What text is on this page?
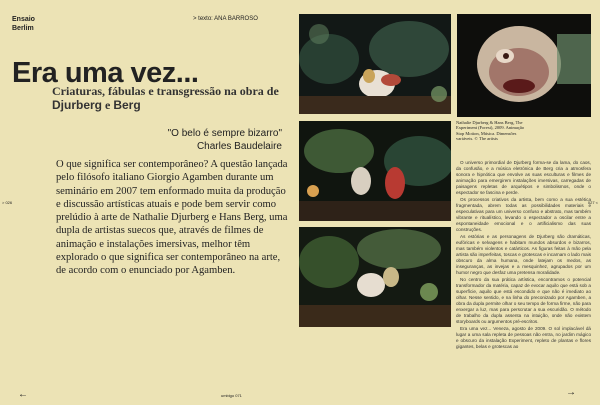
Ensaio
Berlim
> texto: ANA BARROSO
Era uma vez...
Criaturas, fábulas e transgressão na obra de Djurberg e Berg
"O belo é sempre bizarro"
Charles Baudelaire
O que significa ser contemporâneo? A questão lançada pelo filósofo italiano Giorgio Agamben durante um seminário em 2007 tem enformado muita da produção e discussão artísticas atuais e pode bem servir como prelúdio à arte de Nathalie Djurberg e Hans Berg, uma dupla de artistas suecos que, através de filmes de animação e instalações imersivas, melhor têm explorado o que significa ser contemporâneo na arte, de acordo com o enunciado por Agamben.
> 026	027 <
umbigo 071
←	→
Nathalie Djurberg & Hans Berg, The Experiment (Forest), 2009. Animação Stop Motion, Música. Dimensões variáveis. © The artists

O universo primordial de Djurberg forma-se da lama, do caos, da confusão, e a música eletrónica de Berg cria a atmosfera sonora e hipnótica que envolve as suas esculturas e filmes de animação para emergirem instalações imersivas, carregadas de paisagens repletas de arquétipos e simbolismos, onde o espectador se fascina e perde.

Os processos criativos da artista, bem como a sua estética fragmentada, abrem todas as possibilidades materiais e especulativas para um universo confuso e abstrato, mas também vibrante e ritualístico, levando o espectador a oscilar entre a espontaneidade emocional e o artificialismo das suas construções.

As estórias e as personagens de Djurberg são dramáticas, eufóricas e selvagens e habitam mundos absurdos e bizarros, mas também violentos e catárticos. As figuras feitas à mão pela artista são imperfeitas, toscas e grotescas e incarnam o lado mais obscuro da alma humana, onde latejam os medos, as inseguranças, as invejas e a mesquinhez, agrupados por um humor negro que desfaz uma pretensa moralidade.

No centro da sua prática artística, encontramos o potencial transformador da matéria, capaz de evocar aquilo que está sob a superfície, aquilo que está escondido e que não é imediato ao olhar. Nesse sentido, e na linha do preconizado por Agamben, a obra da dupla permite olhar o seu tempo de forma firme, não para enxergar a luz, mas para perscrutar a sua escuridão. O método de trabalho da dupla assenta na intuição, onde não existem storyboards ou argumentos pré-escritos.

Era uma vez... Veneza, agosto de 2009. O sol implacável dá lugar a uma sala repleta de pessoas não entra, no jardim mágico e obscuro da instalação Experiment, repleto de plantas e flores gigantes, belas e grotescas ao
